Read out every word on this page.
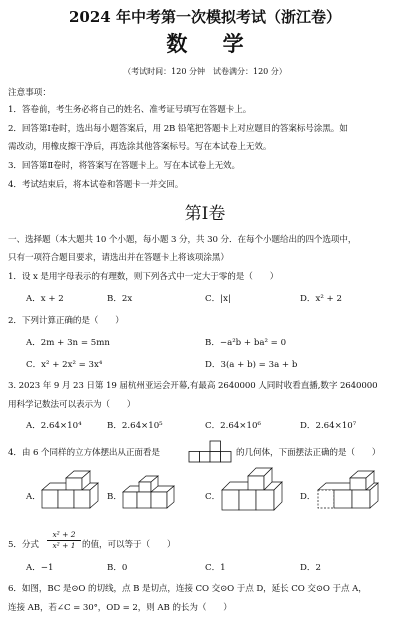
2024 年中考第一次模拟考试（浙江卷）
数 学
（考试时间：120 分钟　试卷满分：120 分）
注意事项：
1．答卷前，考生务必将自己的姓名、准考证号填写在答题卡上。
2．回答第Ⅰ卷时，选出每小题答案后，用 2B 铅笔把答题卡上对应题目的答案标号涂黑。如
需改动，用橡皮擦干净后，再选涂其他答案标号。写在本试卷上无效。
3．回答第Ⅱ卷时，将答案写在答题卡上。写在本试卷上无效。
4．考试结束后，将本试卷和答题卡一并交回。
第Ⅰ卷
一、选择题（本大题共 10 个小题，每小题 3 分，共 30 分．在每个小题给出的四个选项中，
只有一项符合题目要求，请选出并在答题卡上将该项涂黑）
1．设 x 是用字母表示的有理数，则下列各式中一定大于零的是（　　）
A．x + 2	B．2x	C．|x|	D．x² + 2
2．下列计算正确的是（　　）
A．2m + 3n = 5mn	B．−a²b + ba² = 0
C．x² + 2x² = 3x⁴	D．3(a + b) = 3a + b
3. 2023 年 9 月 23 日第 19 届杭州亚运会开幕,有最高 2640000 人同时收看直播,数字 2640000
用科学记数法可以表示为（　　）
A．2.64×10⁴	B．2.64×10⁵	C．2.64×10⁶	D．2.64×10⁷
4．由 6 个同样的立方体摆出从正面看是	的几何体，下面摆法正确的是（　　）
A．	B．	C．	D．
5．分式 $\frac{\text{x² + 2}}{\text{x² + 1}}$ 的值，可以等于（　　）
A．−1	B．0	C．1	D．2
6．如图，BC 是⊙O 的切线，点 B 是切点，连接 CO 交⊙O 于点 D，延长 CO 交⊙O 于点 A，
连接 AB，若∠C = 30°，OD = 2，则 AB 的长为（　　）
